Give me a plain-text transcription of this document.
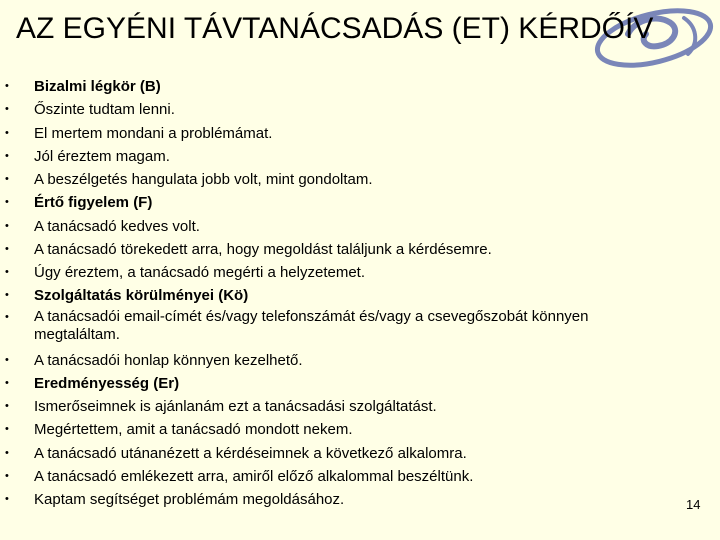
AZ EGYÉNI TÁVTANÁCSADÁS (ET) KÉRDŐÍV
• Bizalmi légkör (B)
• Őszinte tudtam lenni.
• El mertem mondani a problémámat.
• Jól éreztem magam.
• A beszélgetés hangulata jobb volt, mint gondoltam.
• Értő figyelem (F)
• A tanácsadó kedves volt.
• A tanácsadó törekedett arra, hogy megoldást találjunk a kérdésemre.
• Úgy éreztem, a tanácsadó megérti a helyzetemet.
• Szolgáltatás körülményei (Kö)
• A tanácsadói email-címét és/vagy telefonszámát és/vagy a csevegőszobát könnyen megtaláltam.
• A tanácsadói honlap könnyen kezelhető.
• Eredményesség (Er)
• Ismerőseimnek is ajánlanám ezt a tanácsadási szolgáltatást.
• Megértettem, amit a tanácsadó mondott nekem.
• A tanácsadó utánanézett a kérdéseimnek a következő alkalomra.
• A tanácsadó emlékezett arra, amiről előző alkalommal beszéltünk.
• Kaptam segítséget problémám megoldásához.	14
